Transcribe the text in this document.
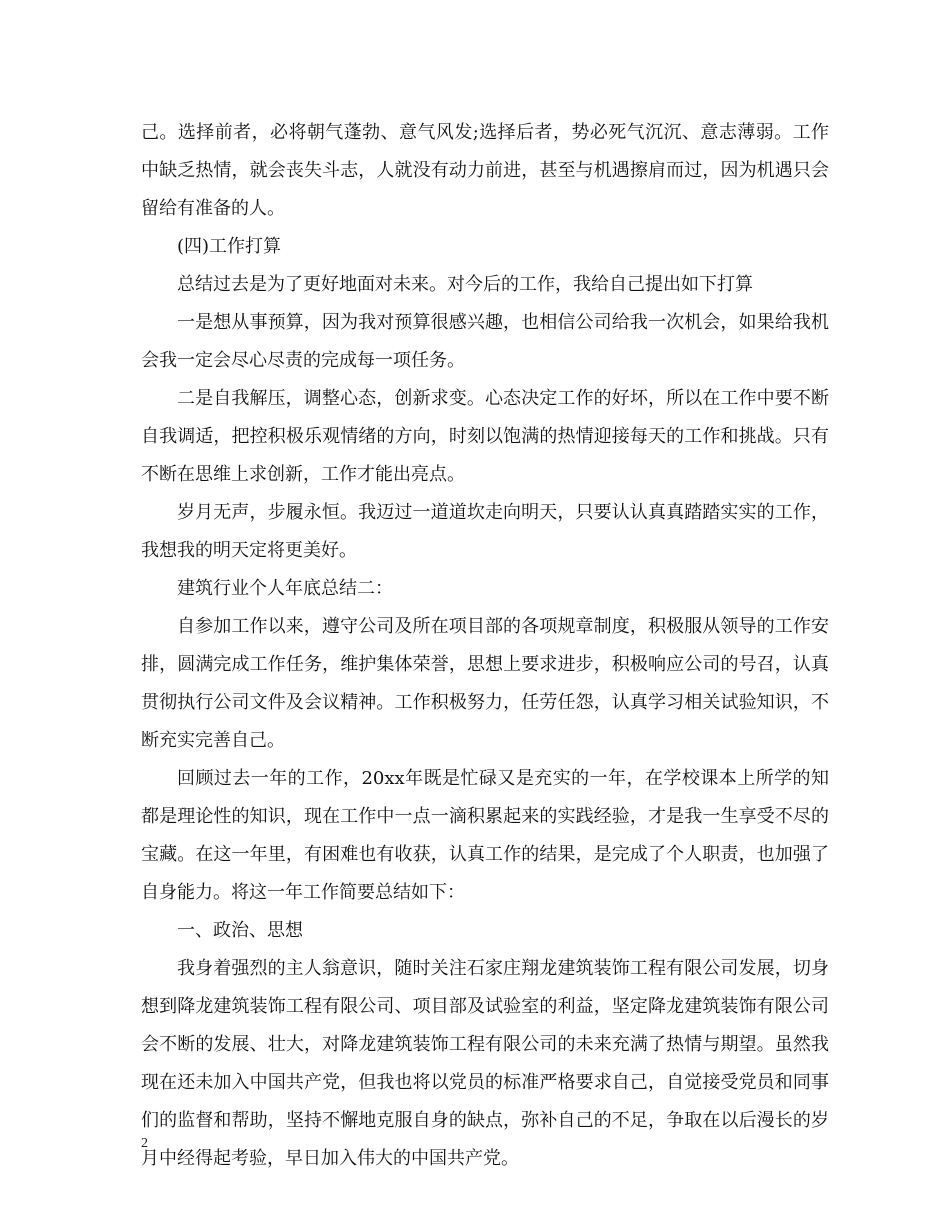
己。选择前者，必将朝气蓬勃、意气风发;选择后者，势必死气沉沉、意志薄弱。工作中缺乏热情，就会丧失斗志，人就没有动力前进，甚至与机遇擦肩而过，因为机遇只会留给有准备的人。

(四)工作打算

总结过去是为了更好地面对未来。对今后的工作，我给自己提出如下打算

一是想从事预算，因为我对预算很感兴趣，也相信公司给我一次机会，如果给我机会我一定会尽心尽责的完成每一项任务。

二是自我解压，调整心态，创新求变。心态决定工作的好坏，所以在工作中要不断自我调适，把控积极乐观情绪的方向，时刻以饱满的热情迎接每天的工作和挑战。只有不断在思维上求创新，工作才能出亮点。

岁月无声，步履永恒。我迈过一道道坎走向明天，只要认认真真踏踏实实的工作，我想我的明天定将更美好。

建筑行业个人年底总结二：

自参加工作以来，遵守公司及所在项目部的各项规章制度，积极服从领导的工作安排，圆满完成工作任务，维护集体荣誉，思想上要求进步，积极响应公司的号召，认真贯彻执行公司文件及会议精神。工作积极努力，任劳任怨，认真学习相关试验知识，不断充实完善自己。

回顾过去一年的工作，20xx年既是忙碌又是充实的一年，在学校课本上所学的知都是理论性的知识，现在工作中一点一滴积累起来的实践经验，才是我一生享受不尽的宝藏。在这一年里，有困难也有收获，认真工作的结果，是完成了个人职责，也加强了自身能力。将这一年工作简要总结如下：

一、政治、思想

我身着强烈的主人翁意识，随时关注石家庄翔龙建筑装饰工程有限公司发展，切身想到降龙建筑装饰工程有限公司、项目部及试验室的利益，坚定降龙建筑装饰有限公司会不断的发展、壮大，对降龙建筑装饰工程有限公司的未来充满了热情与期望。虽然我现在还未加入中国共产党，但我也将以党员的标准严格要求自己，自觉接受党员和同事们的监督和帮助，坚持不懈地克服自身的缺点，弥补自己的不足，争取在以后漫长的岁月中经得起考验，早日加入伟大的中国共产党。

2
